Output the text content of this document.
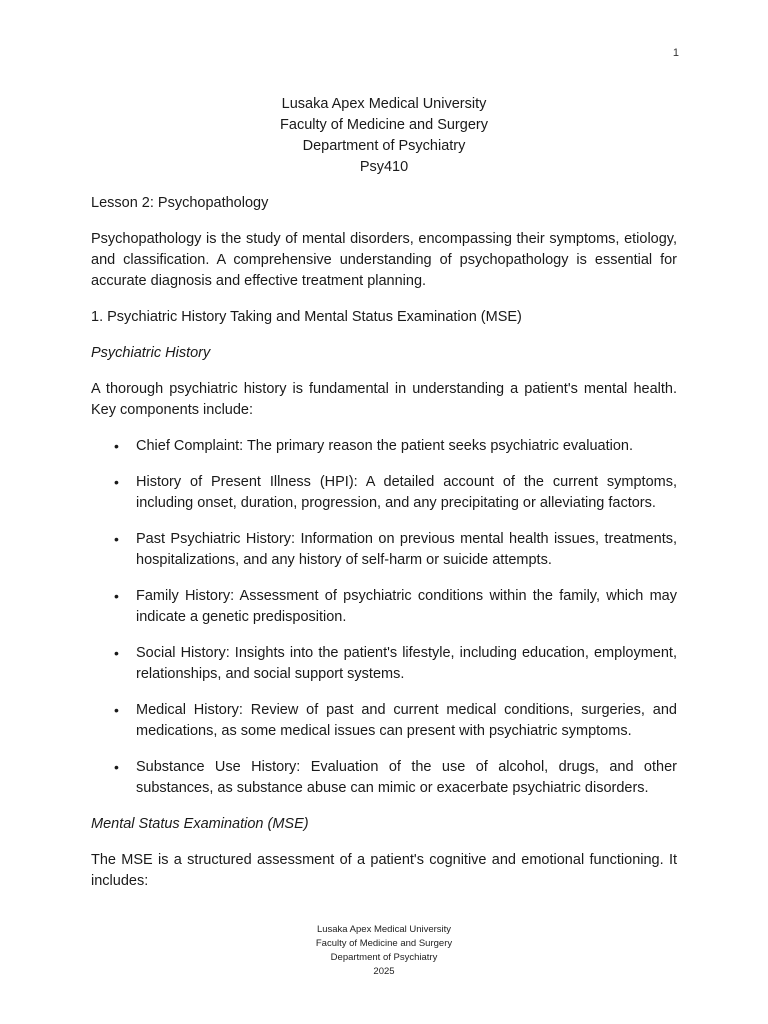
1
Lusaka Apex Medical University
Faculty of Medicine and Surgery
Department of Psychiatry
Psy410

Lesson 2: Psychopathology

Psychopathology is the study of mental disorders, encompassing their symptoms, etiology, and classification. A comprehensive understanding of psychopathology is essential for accurate diagnosis and effective treatment planning.

1. Psychiatric History Taking and Mental Status Examination (MSE)

Psychiatric History

A thorough psychiatric history is fundamental in understanding a patient's mental health. Key components include:

• Chief Complaint: The primary reason the patient seeks psychiatric evaluation.
• History of Present Illness (HPI): A detailed account of the current symptoms, including onset, duration, progression, and any precipitating or alleviating factors.
• Past Psychiatric History: Information on previous mental health issues, treatments, hospitalizations, and any history of self-harm or suicide attempts.
• Family History: Assessment of psychiatric conditions within the family, which may indicate a genetic predisposition.
• Social History: Insights into the patient's lifestyle, including education, employment, relationships, and social support systems.
• Medical History: Review of past and current medical conditions, surgeries, and medications, as some medical issues can present with psychiatric symptoms.
• Substance Use History: Evaluation of the use of alcohol, drugs, and other substances, as substance abuse can mimic or exacerbate psychiatric disorders.

Mental Status Examination (MSE)

The MSE is a structured assessment of a patient's cognitive and emotional functioning. It includes:

Lusaka Apex Medical University
Faculty of Medicine and Surgery
Department of Psychiatry
2025
